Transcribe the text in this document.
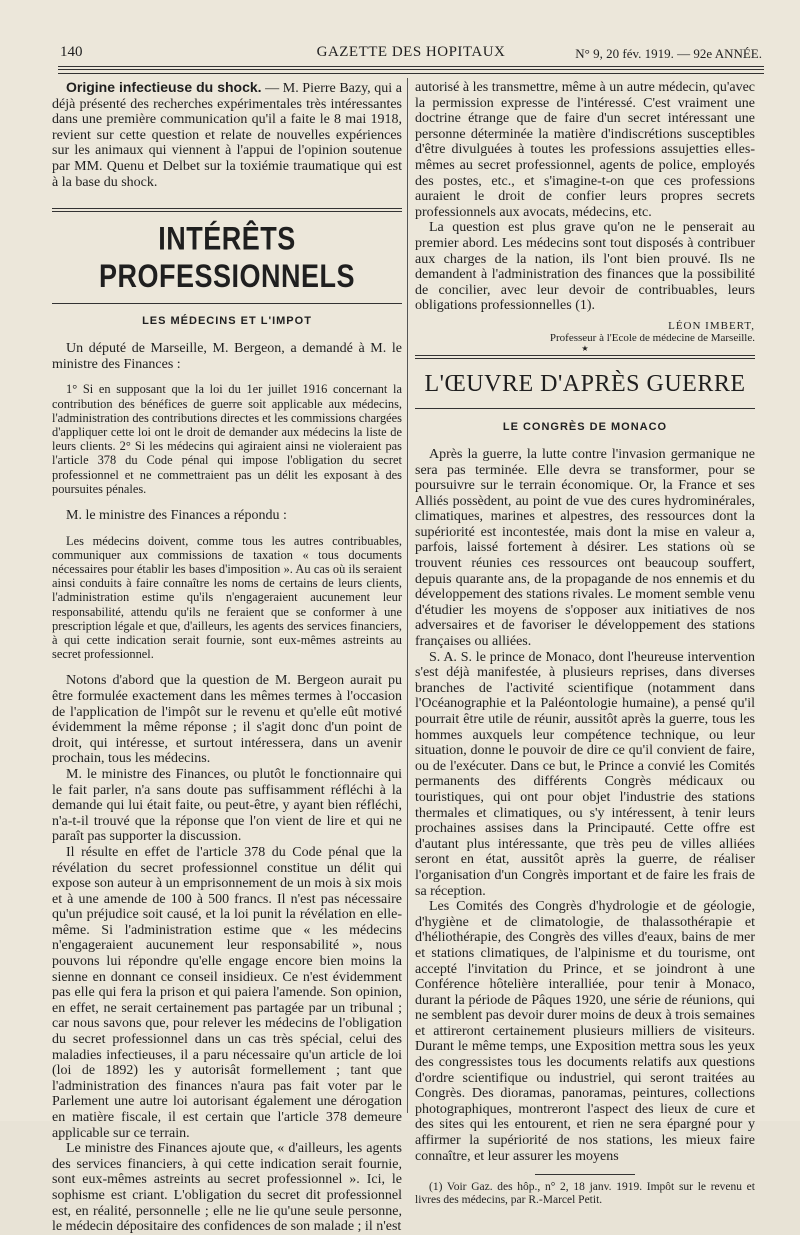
140	GAZETTE DES HOPITAUX	N° 9, 20 fév. 1919. — 92e ANNÉE.

Origine infectieuse du shock. — M. Pierre Bazy, qui a déjà présenté des recherches expérimentales très intéressantes dans une première communication qu'il a faite le 8 mai 1918, revient sur cette question et relate de nouvelles expériences sur les animaux qui viennent à l'appui de l'opinion soutenue par MM. Quenu et Delbet sur la toxiémie traumatique qui est à la base du shock.

INTÉRÊTS PROFESSIONNELS
LES MÉDECINS ET L'IMPOT

Un député de Marseille, M. Bergeon, a demandé à M. le ministre des Finances :

1° Si en supposant que la loi du 1er juillet 1916 concernant la contribution des bénéfices de guerre soit applicable aux médecins, l'administration des contributions directes et les commissions chargées d'appliquer cette loi ont le droit de demander aux médecins la liste de leurs clients. 2° Si les médecins qui agiraient ainsi ne violeraient pas l'article 378 du Code pénal qui impose l'obligation du secret professionnel et ne commettraient pas un délit les exposant à des poursuites pénales.

M. le ministre des Finances a répondu :

Les médecins doivent, comme tous les autres contribuables, communiquer aux commissions de taxation « tous documents nécessaires pour établir les bases d'imposition ». Au cas où ils seraient ainsi conduits à faire connaître les noms de certains de leurs clients, l'administration estime qu'ils n'engageraient aucunement leur responsabilité, attendu qu'ils ne feraient que se conformer à une prescription légale et que, d'ailleurs, les agents des services financiers, à qui cette indication serait fournie, sont eux-mêmes astreints au secret professionnel.

Notons d'abord que la question de M. Bergeon aurait pu être formulée exactement dans les mêmes termes à l'occasion de l'application de l'impôt sur le revenu et qu'elle eût motivé évidemment la même réponse ; il s'agit donc d'un point de droit, qui intéresse, et surtout intéressera, dans un avenir prochain, tous les médecins.

M. le ministre des Finances, ou plutôt le fonctionnaire qui le fait parler, n'a sans doute pas suffisamment réfléchi à la demande qui lui était faite, ou peut-être, y ayant bien réfléchi, n'a-t-il trouvé que la réponse que l'on vient de lire et qui ne paraît pas supporter la discussion.

Il résulte en effet de l'article 378 du Code pénal que la révélation du secret professionnel constitue un délit qui expose son auteur à un emprisonnement de un mois à six mois et à une amende de 100 à 500 francs. Il n'est pas nécessaire qu'un préjudice soit causé, et la loi punit la révélation en elle-même. Si l'administration estime que « les médecins n'engageraient aucunement leur responsabilité », nous pouvons lui répondre qu'elle engage encore bien moins la sienne en donnant ce conseil insidieux. Ce n'est évidemment pas elle qui fera la prison et qui paiera l'amende. Son opinion, en effet, ne serait certainement pas partagée par un tribunal ; car nous savons que, pour relever les médecins de l'obligation du secret professionnel dans un cas très spécial, celui des maladies infectieuses, il a paru nécessaire qu'un article de loi (loi de 1892) les y autorisât formellement ; tant que l'administration des finances n'aura pas fait voter par le Parlement une autre loi autorisant également une dérogation en matière fiscale, il est certain que l'article 378 demeure applicable sur ce terrain.

Le ministre des Finances ajoute que, « d'ailleurs, les agents des services financiers, à qui cette indication serait fournie, sont eux-mêmes astreints au secret professionnel ». Ici, le sophisme est criant. L'obligation du secret dit professionnel est, en réalité, personnelle ; elle ne lie qu'une seule personne, le médecin dépositaire des confidences de son malade ; il n'est

autorisé à les transmettre, même à un autre médecin, qu'avec la permission expresse de l'intéressé. C'est vraiment une doctrine étrange que de faire d'un secret intéressant une personne déterminée la matière d'indiscrétions susceptibles d'être divulguées à toutes les professions assujetties elles-mêmes au secret professionnel, agents de police, employés des postes, etc., et s'imagine-t-on que ces professions auraient le droit de confier leurs propres secrets professionnels aux avocats, médecins, etc.

La question est plus grave qu'on ne le penserait au premier abord. Les médecins sont tout disposés à contribuer aux charges de la nation, ils l'ont bien prouvé. Ils ne demandent à l'administration des finances que la possibilité de concilier, avec leur devoir de contribuables, leurs obligations professionnelles (1).

LÉON IMBERT,
Professeur à l'Ecole de médecine de Marseille.
★
L'ŒUVRE D'APRÈS GUERRE
LE CONGRÈS DE MONACO

Après la guerre, la lutte contre l'invasion germanique ne sera pas terminée. Elle devra se transformer, pour se poursuivre sur le terrain économique. Or, la France et ses Alliés possèdent, au point de vue des cures hydrominérales, climatiques, marines et alpestres, des ressources dont la supériorité est incontestée, mais dont la mise en valeur a, parfois, laissé fortement à désirer. Les stations où se trouvent réunies ces ressources ont beaucoup souffert, depuis quarante ans, de la propagande de nos ennemis et du développement des stations rivales. Le moment semble venu d'étudier les moyens de s'opposer aux initiatives de nos adversaires et de favoriser le développement des stations françaises ou alliées.

S. A. S. le prince de Monaco, dont l'heureuse intervention s'est déjà manifestée, à plusieurs reprises, dans diverses branches de l'activité scientifique (notamment dans l'Océanographie et la Paléontologie humaine), a pensé qu'il pourrait être utile de réunir, aussitôt après la guerre, tous les hommes auxquels leur compétence technique, ou leur situation, donne le pouvoir de dire ce qu'il convient de faire, ou de l'exécuter. Dans ce but, le Prince a convié les Comités permanents des différents Congrès médicaux ou touristiques, qui ont pour objet l'industrie des stations thermales et climatiques, ou s'y intéressent, à tenir leurs prochaines assises dans la Principauté. Cette offre est d'autant plus intéressante, que très peu de villes alliées seront en état, aussitôt après la guerre, de réaliser l'organisation d'un Congrès important et de faire les frais de sa réception.

Les Comités des Congrès d'hydrologie et de géologie, d'hygiène et de climatologie, de thalassothérapie et d'héliothérapie, des Congrès des villes d'eaux, bains de mer et stations climatiques, de l'alpinisme et du tourisme, ont accepté l'invitation du Prince, et se joindront à une Conférence hôtelière interalliée, pour tenir à Monaco, durant la période de Pâques 1920, une série de réunions, qui ne semblent pas devoir durer moins de deux à trois semaines et attireront certainement plusieurs milliers de visiteurs. Durant le même temps, une Exposition mettra sous les yeux des congressistes tous les documents relatifs aux questions d'ordre scientifique ou industriel, qui seront traitées au Congrès. Des dioramas, panoramas, peintures, collections photographiques, montreront l'aspect des lieux de cure et des sites qui les entourent, et rien ne sera épargné pour y affirmer la supériorité de nos stations, les mieux faire connaître, et leur assurer les moyens

(1) Voir Gaz. des hôp., n° 2, 18 janv. 1919. Impôt sur le revenu et livres des médecins, par R.-Marcel Petit.
